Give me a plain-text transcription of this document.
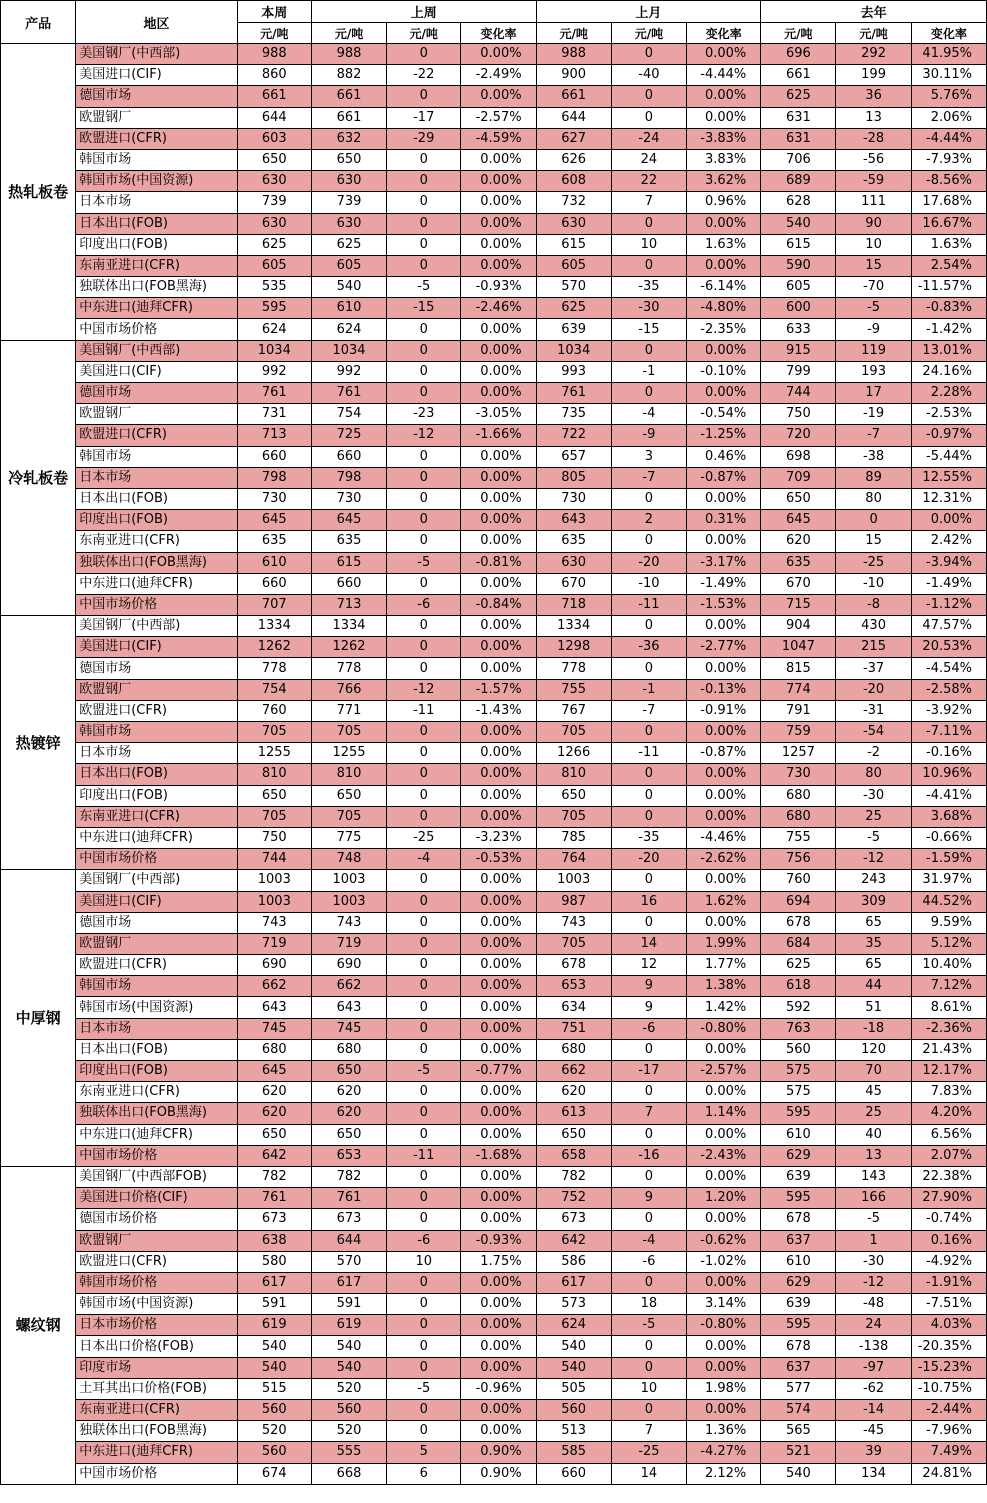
产品	地区	本周	上周			上月			去年		
		元/吨	元/吨	元/吨	变化率	元/吨	元/吨	变化率	元/吨	元/吨	变化率
热轧板卷	美国钢厂(中西部)	988	988	0	0.00%	988	0	0.00%	696	292	41.95%
	美国进口(CIF)	860	882	-22	-2.49%	900	-40	-4.44%	661	199	30.11%
	德国市场	661	661	0	0.00%	661	0	0.00%	625	36	5.76%
	欧盟钢厂	644	661	-17	-2.57%	644	0	0.00%	631	13	2.06%
	欧盟进口(CFR)	603	632	-29	-4.59%	627	-24	-3.83%	631	-28	-4.44%
	韩国市场	650	650	0	0.00%	626	24	3.83%	706	-56	-7.93%
	韩国市场(中国资源)	630	630	0	0.00%	608	22	3.62%	689	-59	-8.56%
	日本市场	739	739	0	0.00%	732	7	0.96%	628	111	17.68%
	日本出口(FOB)	630	630	0	0.00%	630	0	0.00%	540	90	16.67%
	印度出口(FOB)	625	625	0	0.00%	615	10	1.63%	615	10	1.63%
	东南亚进口(CFR)	605	605	0	0.00%	605	0	0.00%	590	15	2.54%
	独联体出口(FOB黑海)	535	540	-5	-0.93%	570	-35	-6.14%	605	-70	-11.57%
	中东进口(迪拜CFR)	595	610	-15	-2.46%	625	-30	-4.80%	600	-5	-0.83%
	中国市场价格	624	624	0	0.00%	639	-15	-2.35%	633	-9	-1.42%
冷轧板卷	美国钢厂(中西部)	1034	1034	0	0.00%	1034	0	0.00%	915	119	13.01%
	美国进口(CIF)	992	992	0	0.00%	993	-1	-0.10%	799	193	24.16%
	德国市场	761	761	0	0.00%	761	0	0.00%	744	17	2.28%
	欧盟钢厂	731	754	-23	-3.05%	735	-4	-0.54%	750	-19	-2.53%
	欧盟进口(CFR)	713	725	-12	-1.66%	722	-9	-1.25%	720	-7	-0.97%
	韩国市场	660	660	0	0.00%	657	3	0.46%	698	-38	-5.44%
	日本市场	798	798	0	0.00%	805	-7	-0.87%	709	89	12.55%
	日本出口(FOB)	730	730	0	0.00%	730	0	0.00%	650	80	12.31%
	印度出口(FOB)	645	645	0	0.00%	643	2	0.31%	645	0	0.00%
	东南亚进口(CFR)	635	635	0	0.00%	635	0	0.00%	620	15	2.42%
	独联体出口(FOB黑海)	610	615	-5	-0.81%	630	-20	-3.17%	635	-25	-3.94%
	中东进口(迪拜CFR)	660	660	0	0.00%	670	-10	-1.49%	670	-10	-1.49%
	中国市场价格	707	713	-6	-0.84%	718	-11	-1.53%	715	-8	-1.12%
热镀锌	美国钢厂(中西部)	1334	1334	0	0.00%	1334	0	0.00%	904	430	47.57%
	美国进口(CIF)	1262	1262	0	0.00%	1298	-36	-2.77%	1047	215	20.53%
	德国市场	778	778	0	0.00%	778	0	0.00%	815	-37	-4.54%
	欧盟钢厂	754	766	-12	-1.57%	755	-1	-0.13%	774	-20	-2.58%
	欧盟进口(CFR)	760	771	-11	-1.43%	767	-7	-0.91%	791	-31	-3.92%
	韩国市场	705	705	0	0.00%	705	0	0.00%	759	-54	-7.11%
	日本市场	1255	1255	0	0.00%	1266	-11	-0.87%	1257	-2	-0.16%
	日本出口(FOB)	810	810	0	0.00%	810	0	0.00%	730	80	10.96%
	印度出口(FOB)	650	650	0	0.00%	650	0	0.00%	680	-30	-4.41%
	东南亚进口(CFR)	705	705	0	0.00%	705	0	0.00%	680	25	3.68%
	中东进口(迪拜CFR)	750	775	-25	-3.23%	785	-35	-4.46%	755	-5	-0.66%
	中国市场价格	744	748	-4	-0.53%	764	-20	-2.62%	756	-12	-1.59%
中厚钢	美国钢厂(中西部)	1003	1003	0	0.00%	1003	0	0.00%	760	243	31.97%
	美国进口(CIF)	1003	1003	0	0.00%	987	16	1.62%	694	309	44.52%
	德国市场	743	743	0	0.00%	743	0	0.00%	678	65	9.59%
	欧盟钢厂	719	719	0	0.00%	705	14	1.99%	684	35	5.12%
	欧盟进口(CFR)	690	690	0	0.00%	678	12	1.77%	625	65	10.40%
	韩国市场	662	662	0	0.00%	653	9	1.38%	618	44	7.12%
	韩国市场(中国资源)	643	643	0	0.00%	634	9	1.42%	592	51	8.61%
	日本市场	745	745	0	0.00%	751	-6	-0.80%	763	-18	-2.36%
	日本出口(FOB)	680	680	0	0.00%	680	0	0.00%	560	120	21.43%
	印度出口(FOB)	645	650	-5	-0.77%	662	-17	-2.57%	575	70	12.17%
	东南亚进口(CFR)	620	620	0	0.00%	620	0	0.00%	575	45	7.83%
	独联体出口(FOB黑海)	620	620	0	0.00%	613	7	1.14%	595	25	4.20%
	中东进口(迪拜CFR)	650	650	0	0.00%	650	0	0.00%	610	40	6.56%
	中国市场价格	642	653	-11	-1.68%	658	-16	-2.43%	629	13	2.07%
螺纹钢	美国钢厂(中西部FOB)	782	782	0	0.00%	782	0	0.00%	639	143	22.38%
	美国进口价格(CIF)	761	761	0	0.00%	752	9	1.20%	595	166	27.90%
	德国市场价格	673	673	0	0.00%	673	0	0.00%	678	-5	-0.74%
	欧盟钢厂	638	644	-6	-0.93%	642	-4	-0.62%	637	1	0.16%
	欧盟进口(CFR)	580	570	10	1.75%	586	-6	-1.02%	610	-30	-4.92%
	韩国市场价格	617	617	0	0.00%	617	0	0.00%	629	-12	-1.91%
	韩国市场(中国资源)	591	591	0	0.00%	573	18	3.14%	639	-48	-7.51%
	日本市场价格	619	619	0	0.00%	624	-5	-0.80%	595	24	4.03%
	日本出口价格(FOB)	540	540	0	0.00%	540	0	0.00%	678	-138	-20.35%
	印度市场	540	540	0	0.00%	540	0	0.00%	637	-97	-15.23%
	土耳其出口价格(FOB)	515	520	-5	-0.96%	505	10	1.98%	577	-62	-10.75%
	东南亚进口(CFR)	560	560	0	0.00%	560	0	0.00%	574	-14	-2.44%
	独联体出口(FOB黑海)	520	520	0	0.00%	513	7	1.36%	565	-45	-7.96%
	中东进口(迪拜CFR)	560	555	5	0.90%	585	-25	-4.27%	521	39	7.49%
	中国市场价格	674	668	6	0.90%	660	14	2.12%	540	134	24.81%
